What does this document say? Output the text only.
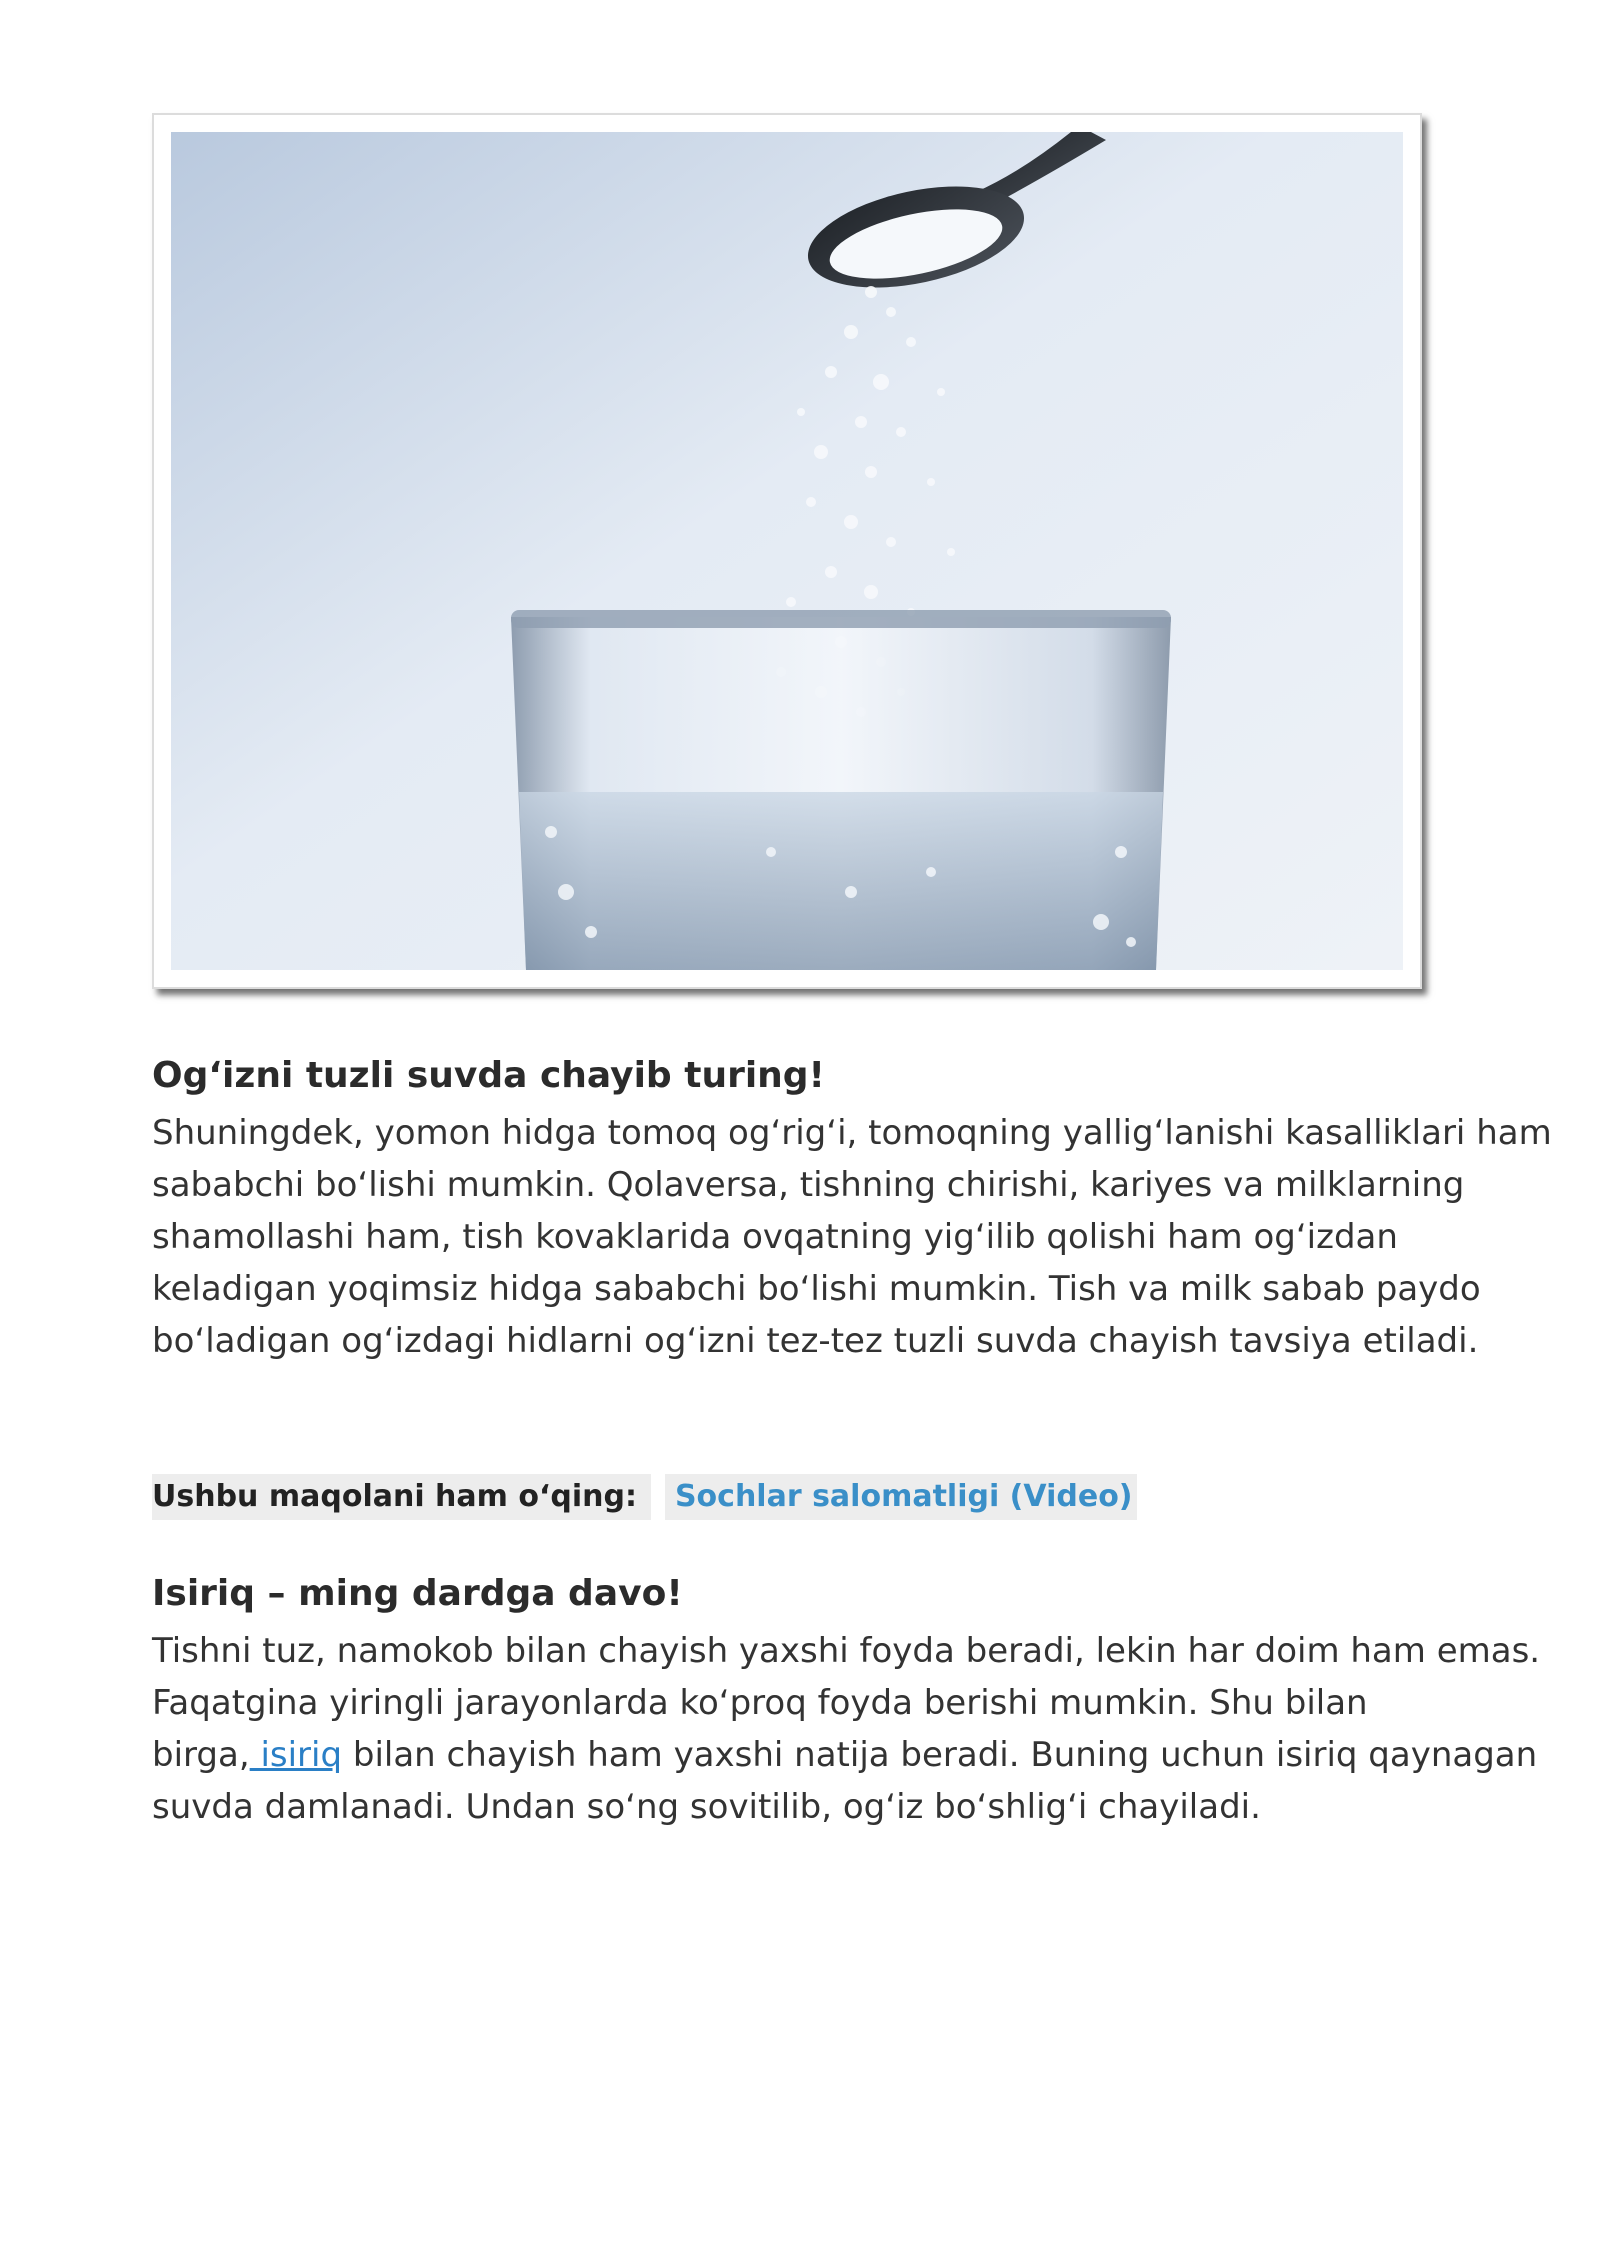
Og‘izni tuzli suvda chayib turing!

Shuningdek, yomon hidga tomoq og‘rig‘i, tomoqning yallig‘lanishi kasalliklari ham
sababchi bo‘lishi mumkin. Qolaversa, tishning chirishi, kariyes va milklarning
shamollashi ham, tish kovaklarida ovqatning yig‘ilib qolishi ham og‘izdan
keladigan yoqimsiz hidga sababchi bo‘lishi mumkin. Tish va milk sabab paydo
bo‘ladigan og‘izdagi hidlarni og‘izni tez-tez tuzli suvda chayish tavsiya etiladi.

Ushbu maqolani ham o‘qing:	Sochlar salomatligi (Video)
Isiriq – ming dardga davo!

Tishni tuz, namokob bilan chayish yaxshi foyda beradi, lekin har doim ham emas.
Faqatgina yiringli jarayonlarda ko‘proq foyda berishi mumkin. Shu bilan
birga, isiriq bilan chayish ham yaxshi natija beradi. Buning uchun isiriq qaynagan
suvda damlanadi. Undan so‘ng sovitilib, og‘iz bo‘shlig‘i chayiladi.
